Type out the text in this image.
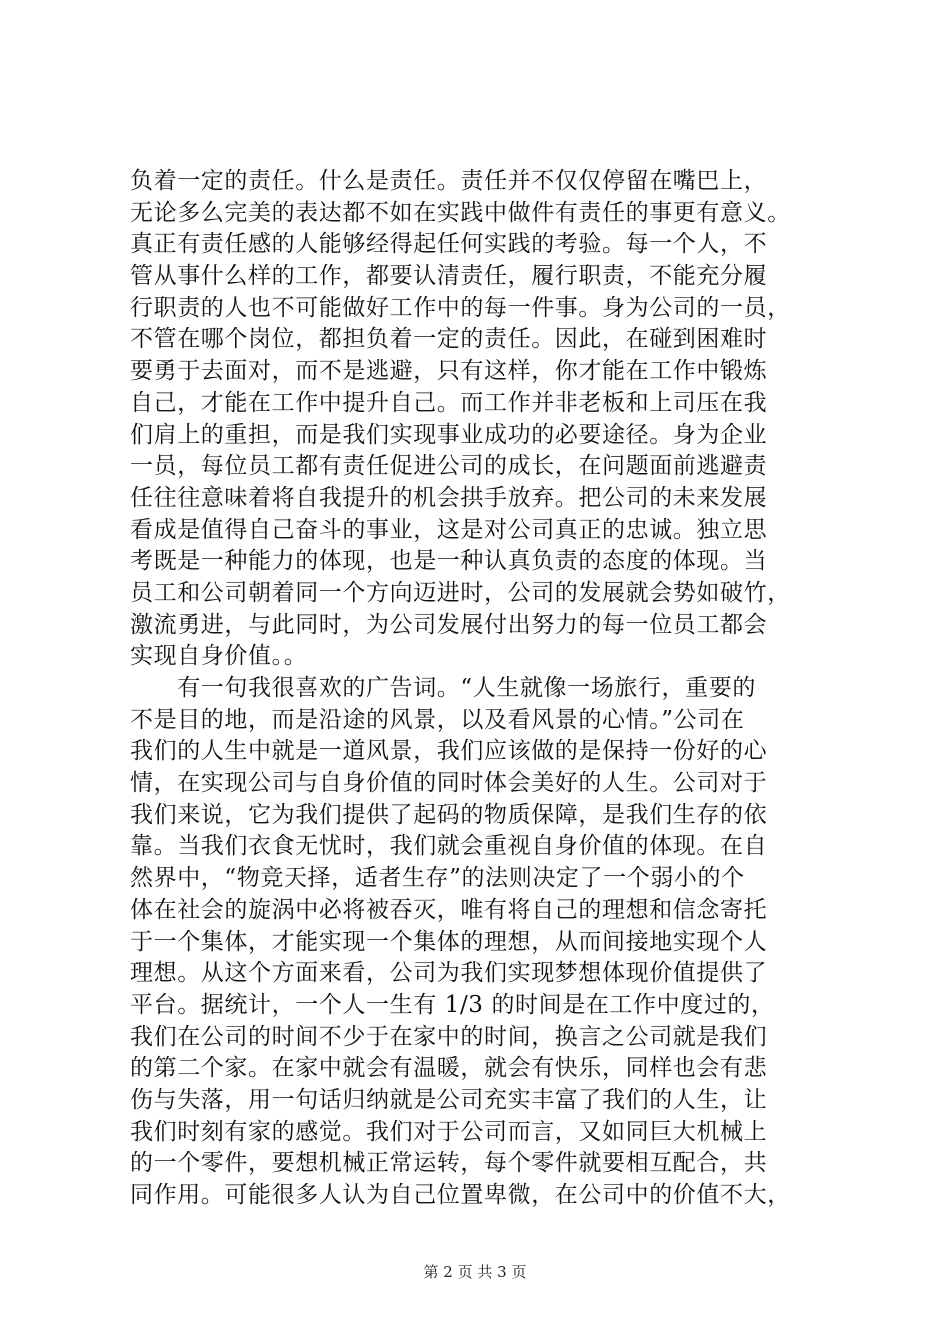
负着一定的责任。什么是责任。责任并不仅仅停留在嘴巴上，
无论多么完美的表达都不如在实践中做件有责任的事更有意义。
真正有责任感的人能够经得起任何实践的考验。每一个人，不
管从事什么样的工作，都要认清责任，履行职责，不能充分履
行职责的人也不可能做好工作中的每一件事。身为公司的一员，
不管在哪个岗位，都担负着一定的责任。因此，在碰到困难时
要勇于去面对，而不是逃避，只有这样，你才能在工作中锻炼
自己，才能在工作中提升自己。而工作并非老板和上司压在我
们肩上的重担，而是我们实现事业成功的必要途径。身为企业
一员，每位员工都有责任促进公司的成长，在问题面前逃避责
任往往意味着将自我提升的机会拱手放弃。把公司的未来发展
看成是值得自己奋斗的事业，这是对公司真正的忠诚。独立思
考既是一种能力的体现，也是一种认真负责的态度的体现。当
员工和公司朝着同一个方向迈进时，公司的发展就会势如破竹，
激流勇进，与此同时，为公司发展付出努力的每一位员工都会
实现自身价值。。
　　有一句我很喜欢的广告词。“人生就像一场旅行，重要的
不是目的地，而是沿途的风景，以及看风景的心情。”公司在
我们的人生中就是一道风景，我们应该做的是保持一份好的心
情，在实现公司与自身价值的同时体会美好的人生。公司对于
我们来说，它为我们提供了起码的物质保障，是我们生存的依
靠。当我们衣食无忧时，我们就会重视自身价值的体现。在自
然界中，“物竞天择，适者生存”的法则决定了一个弱小的个
体在社会的旋涡中必将被吞灭，唯有将自己的理想和信念寄托
于一个集体，才能实现一个集体的理想，从而间接地实现个人
理想。从这个方面来看，公司为我们实现梦想体现价值提供了
平台。据统计，一个人一生有 1/3 的时间是在工作中度过的，
我们在公司的时间不少于在家中的时间，换言之公司就是我们
的第二个家。在家中就会有温暖，就会有快乐，同样也会有悲
伤与失落，用一句话归纳就是公司充实丰富了我们的人生，让
我们时刻有家的感觉。我们对于公司而言，又如同巨大机械上
的一个零件，要想机械正常运转，每个零件就要相互配合，共
同作用。可能很多人认为自己位置卑微，在公司中的价值不大，
第 2 页 共 3 页
